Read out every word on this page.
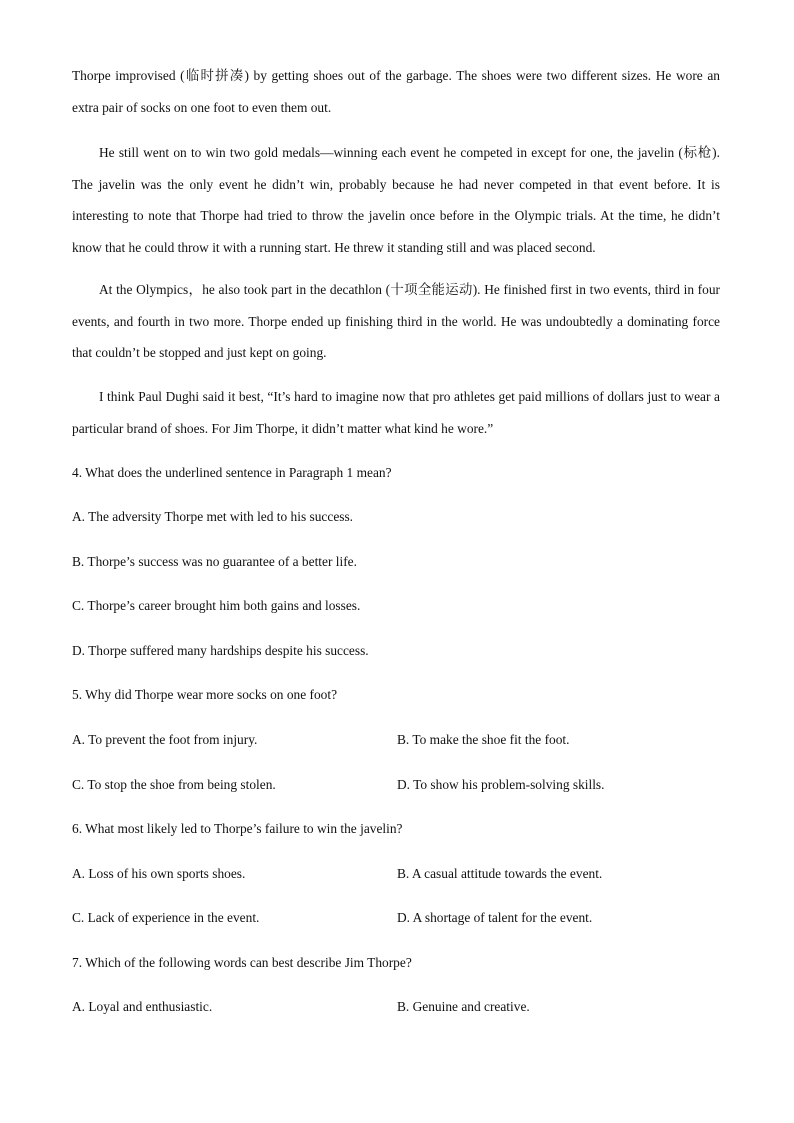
Thorpe improvised (临时拼凑) by getting shoes out of the garbage. The shoes were two different sizes. He wore an extra pair of socks on one foot to even them out.

He still went on to win two gold medals—winning each event he competed in except for one, the javelin (标枪). The javelin was the only event he didn’t win, probably because he had never competed in that event before. It is interesting to note that Thorpe had tried to throw the javelin once before in the Olympic trials. At the time, he didn’t know that he could throw it with a running start. He threw it standing still and was placed second.

At the Olympics，he also took part in the decathlon (十项全能运动). He finished first in two events, third in four events, and fourth in two more. Thorpe ended up finishing third in the world. He was undoubtedly a dominating force that couldn’t be stopped and just kept on going.

I think Paul Dughi said it best, “It’s hard to imagine now that pro athletes get paid millions of dollars just to wear a particular brand of shoes. For Jim Thorpe, it didn’t matter what kind he wore.”

4. What does the underlined sentence in Paragraph 1 mean?

A. The adversity Thorpe met with led to his success.

B. Thorpe’s success was no guarantee of a better life.

C. Thorpe’s career brought him both gains and losses.

D. Thorpe suffered many hardships despite his success.

5. Why did Thorpe wear more socks on one foot?

A. To prevent the foot from injury.	B. To make the shoe fit the foot.

C. To stop the shoe from being stolen.	D. To show his problem-solving skills.

6. What most likely led to Thorpe’s failure to win the javelin?

A. Loss of his own sports shoes.	B. A casual attitude towards the event.

C. Lack of experience in the event.	D. A shortage of talent for the event.

7. Which of the following words can best describe Jim Thorpe?

A. Loyal and enthusiastic.	B. Genuine and creative.
